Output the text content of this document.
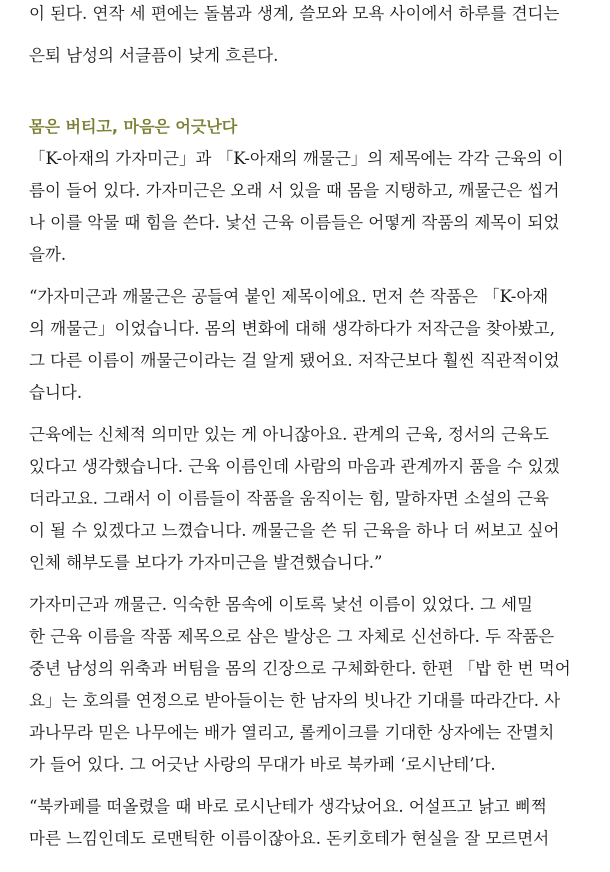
이 된다. 연작 세 편에는 돌봄과 생계, 쓸모와 모욕 사이에서 하루를 견디는
은퇴 남성의 서글픔이 낮게 흐른다.
몸은 버티고, 마음은 어긋난다
「K-아재의 가자미근」과 「K-아재의 깨물근」의 제목에는 각각 근육의 이
름이 들어 있다. 가자미근은 오래 서 있을 때 몸을 지탱하고, 깨물근은 씹거
나 이를 악물 때 힘을 쓴다. 낯선 근육 이름들은 어떻게 작품의 제목이 되었
을까.
“가자미근과 깨물근은 공들여 붙인 제목이에요. 먼저 쓴 작품은 「K-아재
의 깨물근」이었습니다. 몸의 변화에 대해 생각하다가 저작근을 찾아봤고,
그 다른 이름이 깨물근이라는 걸 알게 됐어요. 저작근보다 훨씬 직관적이었
습니다.
근육에는 신체적 의미만 있는 게 아니잖아요. 관계의 근육, 정서의 근육도
있다고 생각했습니다. 근육 이름인데 사람의 마음과 관계까지 품을 수 있겠
더라고요. 그래서 이 이름들이 작품을 움직이는 힘, 말하자면 소설의 근육
이 될 수 있겠다고 느꼈습니다. 깨물근을 쓴 뒤 근육을 하나 더 써보고 싶어
인체 해부도를 보다가 가자미근을 발견했습니다.”
가자미근과 깨물근. 익숙한 몸속에 이토록 낯선 이름이 있었다. 그 세밀
한 근육 이름을 작품 제목으로 삼은 발상은 그 자체로 신선하다. 두 작품은
중년 남성의 위축과 버팀을 몸의 긴장으로 구체화한다. 한편 「밥 한 번 먹어
요」는 호의를 연정으로 받아들이는 한 남자의 빗나간 기대를 따라간다. 사
과나무라 믿은 나무에는 배가 열리고, 롤케이크를 기대한 상자에는 잔멸치
가 들어 있다. 그 어긋난 사랑의 무대가 바로 북카페 ‘로시난테’다.
“북카페를 떠올렸을 때 바로 로시난테가 생각났어요. 어설프고 낡고 삐쩍
마른 느낌인데도 로맨틱한 이름이잖아요. 돈키호테가 현실을 잘 모르면서
